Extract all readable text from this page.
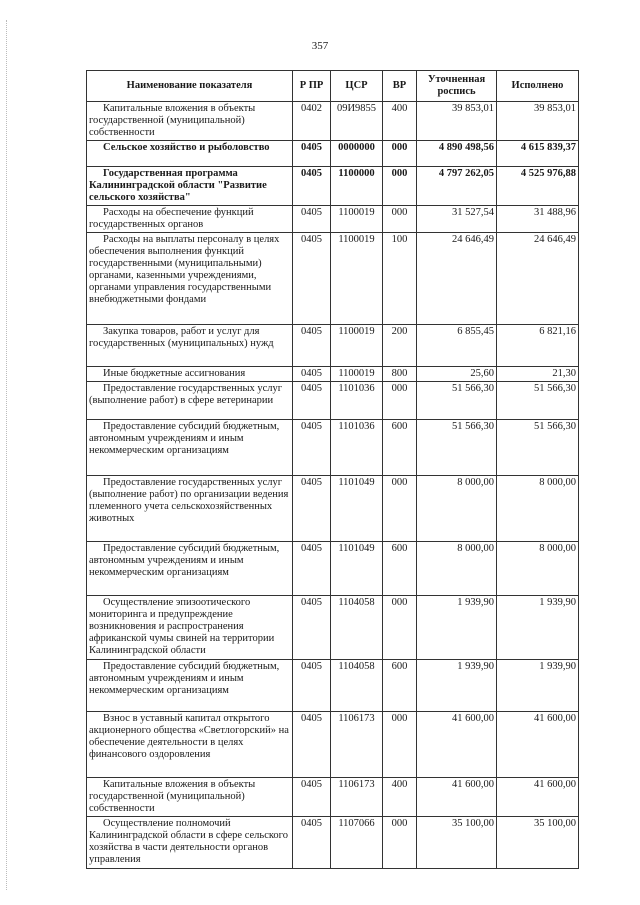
357
Наименование показателя	Р ПР	ЦСР	ВР	Уточненная роспись	Исполнено
Капитальные вложения в объекты государственной (муниципальной) собственности	0402	09И9855	400	39 853,01	39 853,01
Сельское хозяйство и рыболовство	0405	0000000	000	4 890 498,56	4 615 839,37
Государственная программа Калининградской области "Развитие сельского хозяйства"	0405	1100000	000	4 797 262,05	4 525 976,88
Расходы на обеспечение функций государственных органов	0405	1100019	000	31 527,54	31 488,96
Расходы на выплаты персоналу в целях обеспечения выполнения функций государственными (муниципальными) органами, казенными учреждениями, органами управления государственными внебюджетными фондами	0405	1100019	100	24 646,49	24 646,49
Закупка товаров, работ и услуг для государственных (муниципальных) нужд	0405	1100019	200	6 855,45	6 821,16
Иные бюджетные ассигнования	0405	1100019	800	25,60	21,30
Предоставление государственных услуг (выполнение работ) в сфере ветеринарии	0405	1101036	000	51 566,30	51 566,30
Предоставление субсидий бюджетным, автономным учреждениям и иным некоммерческим организациям	0405	1101036	600	51 566,30	51 566,30
Предоставление государственных услуг (выполнение работ) по организации ведения племенного учета сельскохозяйственных животных	0405	1101049	000	8 000,00	8 000,00
Предоставление субсидий бюджетным, автономным учреждениям и иным некоммерческим организациям	0405	1101049	600	8 000,00	8 000,00
Осуществление эпизоотического мониторинга и предупреждение возникновения и распространения африканской чумы свиней на территории Калининградской области	0405	1104058	000	1 939,90	1 939,90
Предоставление субсидий бюджетным, автономным учреждениям и иным некоммерческим организациям	0405	1104058	600	1 939,90	1 939,90
Взнос в уставный капитал открытого акционерного общества «Светлогорский» на обеспечение деятельности в целях финансового оздоровления	0405	1106173	000	41 600,00	41 600,00
Капитальные вложения в объекты государственной (муниципальной) собственности	0405	1106173	400	41 600,00	41 600,00
Осуществление полномочий Калининградской области в сфере сельского хозяйства в части деятельности органов управления	0405	1107066	000	35 100,00	35 100,00
